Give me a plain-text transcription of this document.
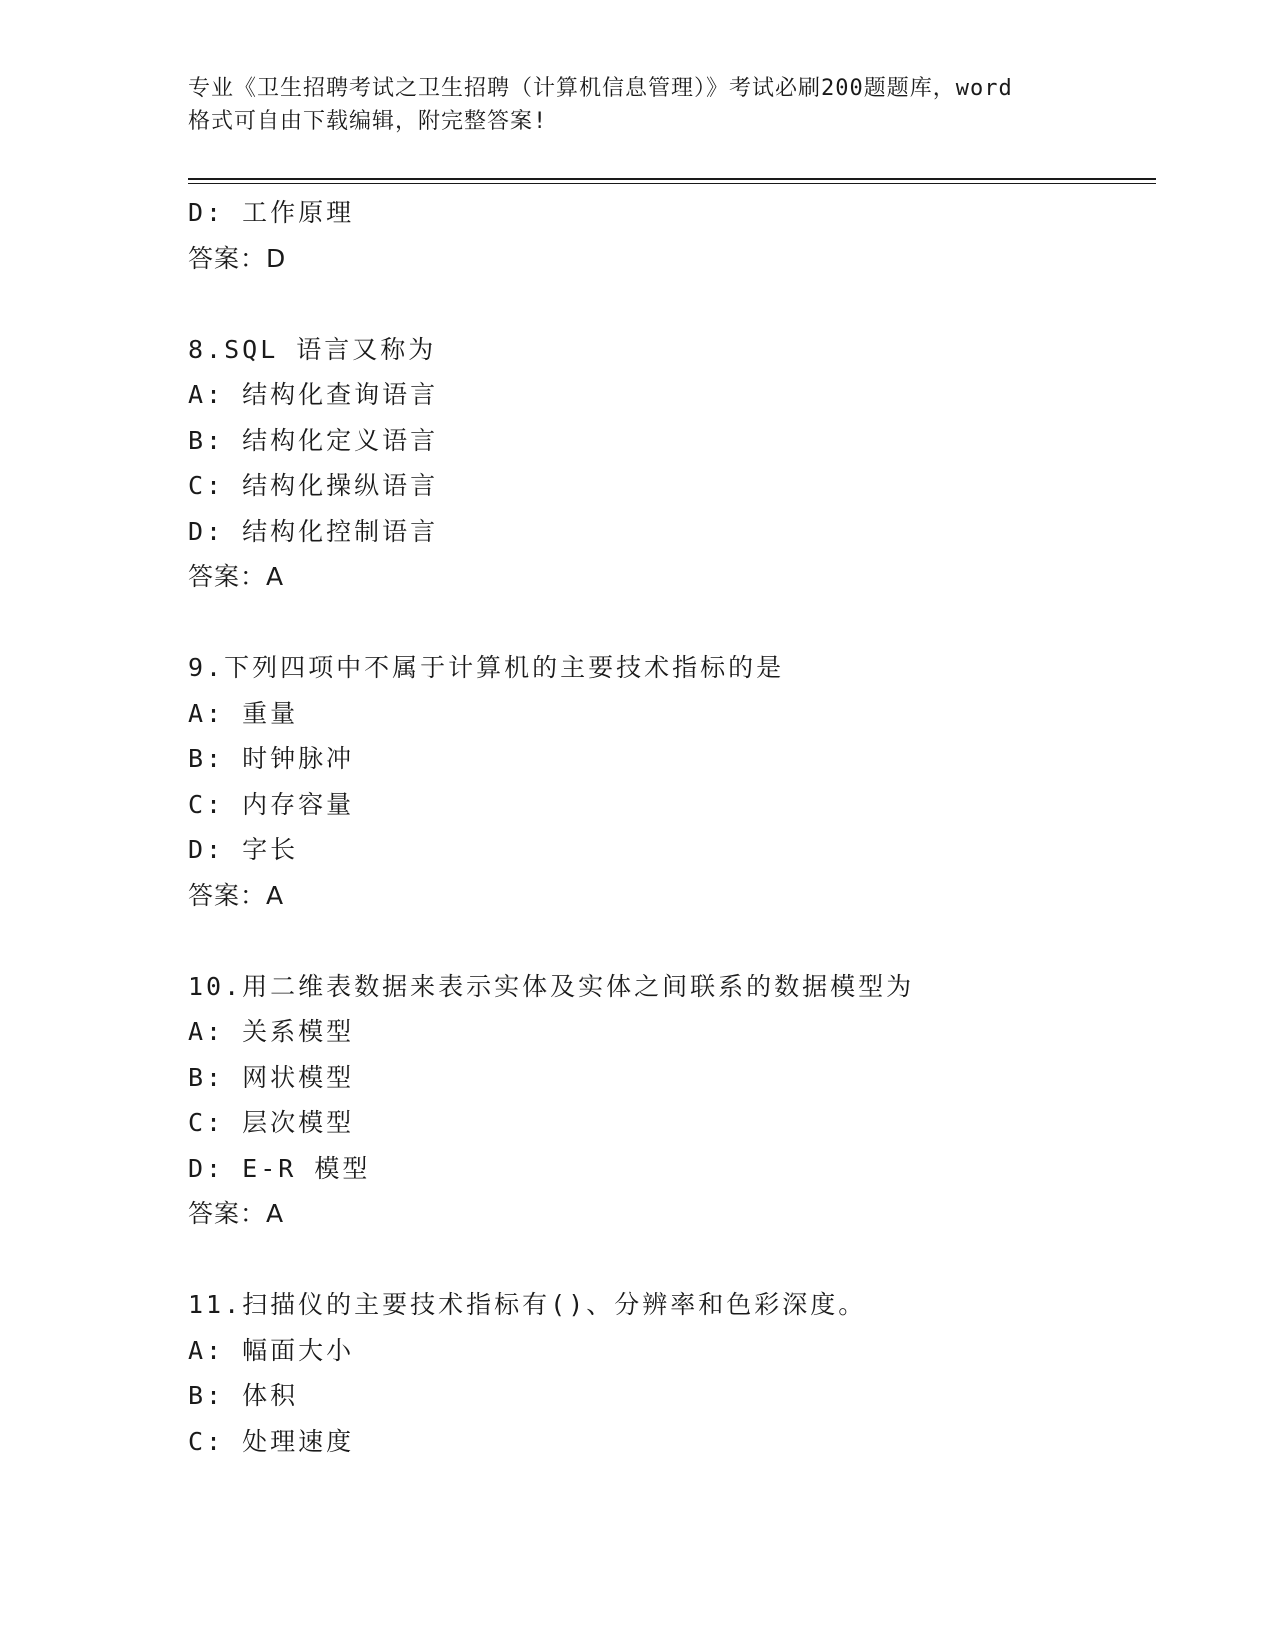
专业《卫生招聘考试之卫生招聘（计算机信息管理）》考试必刷200题题库，word
格式可自由下载编辑，附完整答案!
D: 工作原理
答案：D
8.SQL 语言又称为
A: 结构化查询语言
B: 结构化定义语言
C: 结构化操纵语言
D: 结构化控制语言
答案：A
9.下列四项中不属于计算机的主要技术指标的是
A: 重量
B: 时钟脉冲
C: 内存容量
D: 字长
答案：A
10.用二维表数据来表示实体及实体之间联系的数据模型为
A: 关系模型
B: 网状模型
C: 层次模型
D: E-R 模型
答案：A
11.扫描仪的主要技术指标有()、分辨率和色彩深度。
A: 幅面大小
B: 体积
C: 处理速度
